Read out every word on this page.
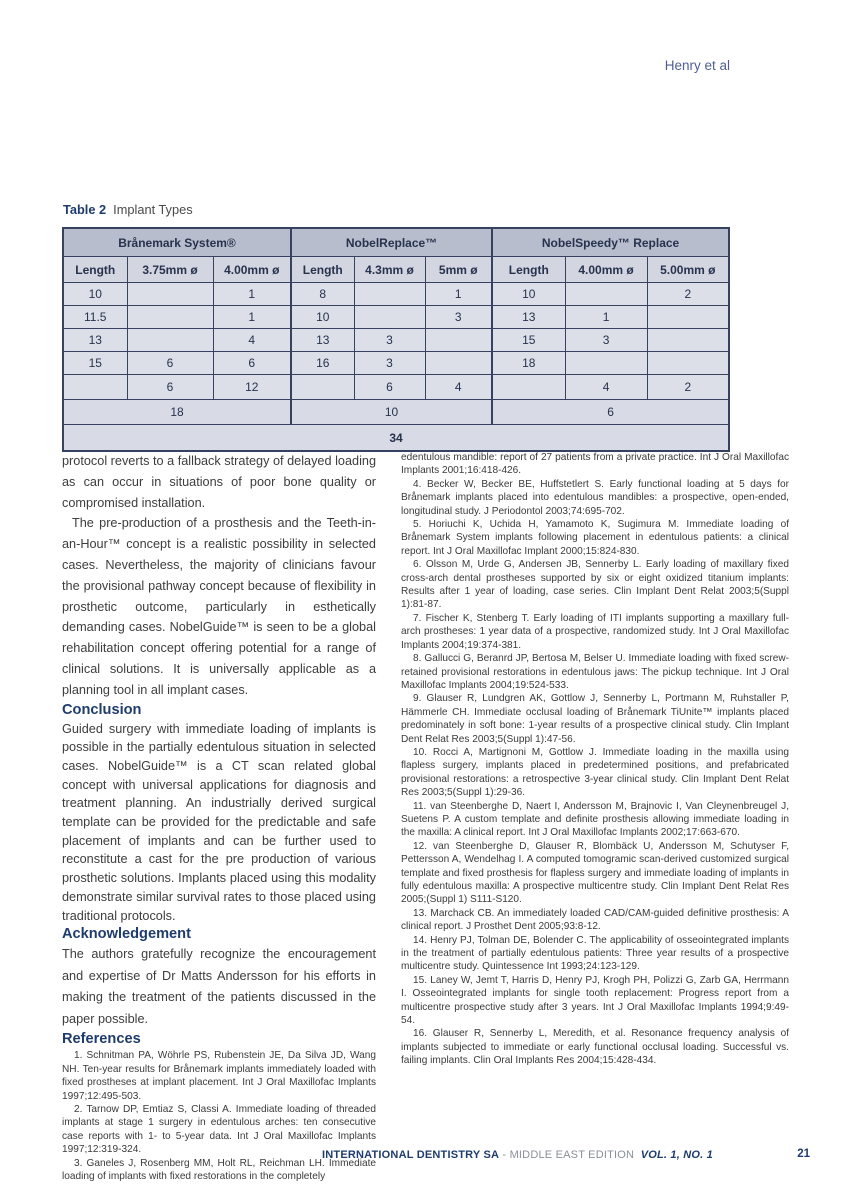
Henry et al
Table 2 Implant Types
Brånemark System®			NobelReplace™			NobelSpeedy™ Replace		
Length	3.75mm ø	4.00mm ø	Length	4.3mm ø	5mm ø	Length	4.00mm ø	5.00mm ø
10		1	8		1	10		2
11.5		1	10		3	13	1	
13		4	13	3		15	3	
15	6	6	16	3		18		
	6	12		6	4		4	2
18			10			6		
34								

protocol reverts to a fallback strategy of delayed loading as can occur in situations of poor bone quality or compromised installation.

The pre-production of a prosthesis and the Teeth-in-an-Hour™ concept is a realistic possibility in selected cases. Nevertheless, the majority of clinicians favour the provisional pathway concept because of flexibility in prosthetic outcome, particularly in esthetically demanding cases. NobelGuide™ is seen to be a global rehabilitation concept offering potential for a range of clinical solutions. It is universally applicable as a planning tool in all implant cases.

Conclusion

Guided surgery with immediate loading of implants is possible in the partially edentulous situation in selected cases. NobelGuide™ is a CT scan related global concept with universal applications for diagnosis and treatment planning. An industrially derived surgical template can be provided for the predictable and safe placement of implants and can be further used to reconstitute a cast for the pre production of various prosthetic solutions. Implants placed using this modality demonstrate similar survival rates to those placed using traditional protocols.

Acknowledgement

The authors gratefully recognize the encouragement and expertise of Dr Matts Andersson for his efforts in making the treatment of the patients discussed in the paper possible.

References

1. Schnitman PA, Wöhrle PS, Rubenstein JE, Da Silva JD, Wang NH. Ten-year results for Brånemark implants immediately loaded with fixed prostheses at implant placement. Int J Oral Maxillofac Implants 1997;12:495-503.

2. Tarnow DP, Emtiaz S, Classi A. Immediate loading of threaded implants at stage 1 surgery in edentulous arches: ten consecutive case reports with 1- to 5-year data. Int J Oral Maxillofac Implants 1997;12:319-324.

3. Ganeles J, Rosenberg MM, Holt RL, Reichman LH. Immediate loading of implants with fixed restorations in the completely

edentulous mandible: report of 27 patients from a private practice. Int J Oral Maxillofac Implants 2001;16:418-426.

4. Becker W, Becker BE, Huffstetlert S. Early functional loading at 5 days for Brånemark implants placed into edentulous mandibles: a prospective, open-ended, longitudinal study. J Periodontol 2003;74:695-702.

5. Horiuchi K, Uchida H, Yamamoto K, Sugimura M. Immediate loading of Brånemark System implants following placement in edentulous patients: a clinical report. Int J Oral Maxillofac Implant 2000;15:824-830.

6. Olsson M, Urde G, Andersen JB, Sennerby L. Early loading of maxillary fixed cross-arch dental prostheses supported by six or eight oxidized titanium implants: Results after 1 year of loading, case series. Clin Implant Dent Relat 2003;5(Suppl 1):81-87.

7. Fischer K, Stenberg T. Early loading of ITI implants supporting a maxillary full-arch prostheses: 1 year data of a prospective, randomized study. Int J Oral Maxillofac Implants 2004;19:374-381.

8. Gallucci G, Beranrd JP, Bertosa M, Belser U. Immediate loading with fixed screw-retained provisional restorations in edentulous jaws: The pickup technique. Int J Oral Maxillofac Implants 2004;19:524-533.

9. Glauser R, Lundgren AK, Gottlow J, Sennerby L, Portmann M, Ruhstaller P, Hämmerle CH. Immediate occlusal loading of Brånemark TiUnite™ implants placed predominately in soft bone: 1-year results of a prospective clinical study. Clin Implant Dent Relat Res 2003;5(Suppl 1):47-56.

10. Rocci A, Martignoni M, Gottlow J. Immediate loading in the maxilla using flapless surgery, implants placed in predetermined positions, and prefabricated provisional restorations: a retrospective 3-year clinical study. Clin Implant Dent Relat Res 2003;5(Suppl 1):29-36.

11. van Steenberghe D, Naert I, Andersson M, Brajnovic I, Van Cleynenbreugel J, Suetens P. A custom template and definite prosthesis allowing immediate loading in the maxilla: A clinical report. Int J Oral Maxillofac Implants 2002;17:663-670.

12. van Steenberghe D, Glauser R, Blombäck U, Andersson M, Schutyser F, Pettersson A, Wendelhag I. A computed tomogramic scan-derived customized surgical template and fixed prosthesis for flapless surgery and immediate loading of implants in fully edentulous maxilla: A prospective multicentre study. Clin Implant Dent Relat Res 2005;(Suppl 1) S111-S120.

13. Marchack CB. An immediately loaded CAD/CAM-guided definitive prosthesis: A clinical report. J Prosthet Dent 2005;93:8-12.

14. Henry PJ, Tolman DE, Bolender C. The applicability of osseointegrated implants in the treatment of partially edentulous patients: Three year results of a prospective multicentre study. Quintessence Int 1993;24:123-129.

15. Laney W, Jemt T, Harris D, Henry PJ, Krogh PH, Polizzi G, Zarb GA, Herrmann I. Osseointegrated implants for single tooth replacement: Progress report from a multicentre prospective study after 3 years. Int J Oral Maxillofac Implants 1994;9:49-54.

16. Glauser R, Sennerby L, Meredith, et al. Resonance frequency analysis of implants subjected to immediate or early functional occlusal loading. Successful vs. failing implants. Clin Oral Implants Res 2004;15:428-434.

INTERNATIONAL DENTISTRY SA - MIDDLE EAST EDITION VOL. 1, NO. 1	21
